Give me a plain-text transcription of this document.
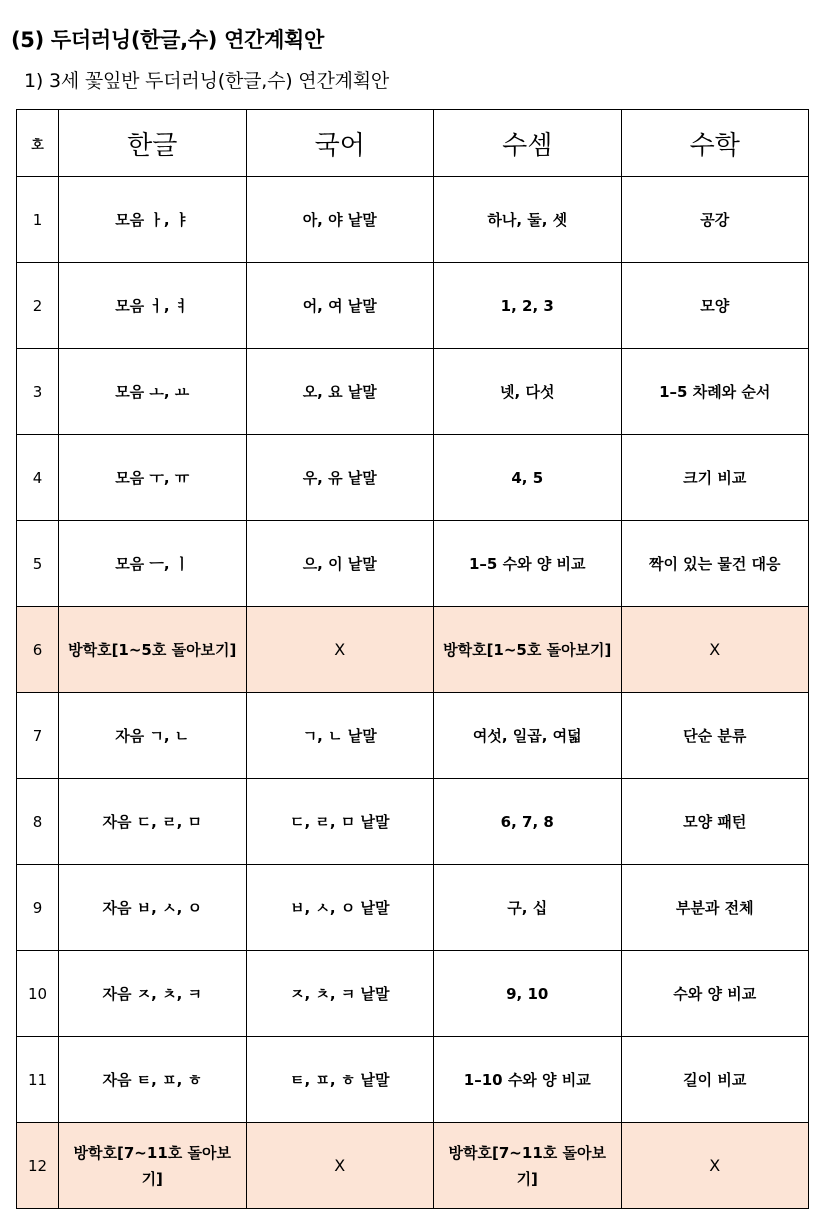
(5) 두더러닝(한글,수) 연간계획안
1) 3세 꽃잎반 두더러닝(한글,수) 연간계획안
호	한글	국어	수셈	수학
1	모음 ㅏ, ㅑ	아, 야 낱말	하나, 둘, 셋	공강
2	모음 ㅓ, ㅕ	어, 여 낱말	1, 2, 3	모양
3	모음 ㅗ, ㅛ	오, 요 낱말	넷, 다섯	1–5 차례와 순서
4	모음 ㅜ, ㅠ	우, 유 낱말	4, 5	크기 비교
5	모음 ㅡ, ㅣ	으, 이 낱말	1–5 수와 양 비교	짝이 있는 물건 대응
6	방학호[1~5호 돌아보기]	X	방학호[1~5호 돌아보기]	X
7	자음 ㄱ, ㄴ	ㄱ, ㄴ 낱말	여섯, 일곱, 여덟	단순 분류
8	자음 ㄷ, ㄹ, ㅁ	ㄷ, ㄹ, ㅁ 낱말	6, 7, 8	모양 패턴
9	자음 ㅂ, ㅅ, ㅇ	ㅂ, ㅅ, ㅇ 낱말	구, 십	부분과 전체
10	자음 ㅈ, ㅊ, ㅋ	ㅈ, ㅊ, ㅋ 낱말	9, 10	수와 양 비교
11	자음 ㅌ, ㅍ, ㅎ	ㅌ, ㅍ, ㅎ 낱말	1–10 수와 양 비교	길이 비교
12	방학호[7~11호 돌아보기]	X	방학호[7~11호 돌아보기]	X
